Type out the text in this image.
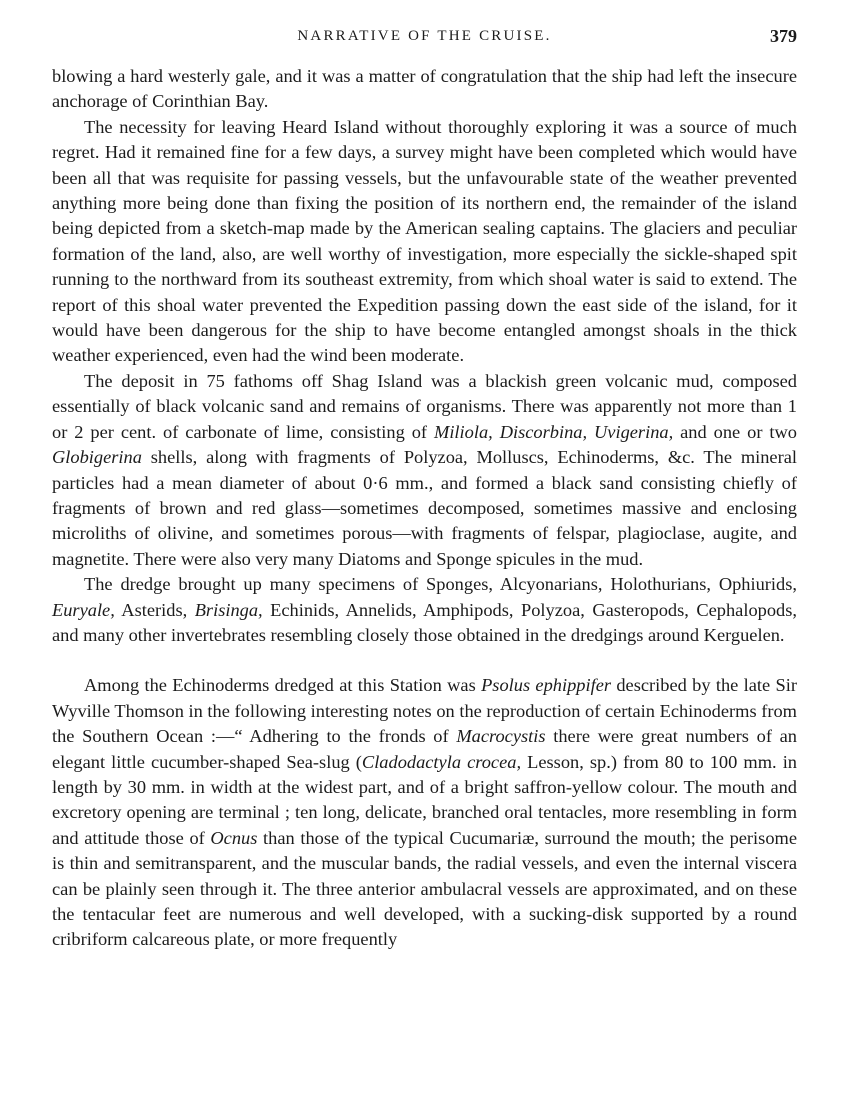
NARRATIVE OF THE CRUISE.	379

blowing a hard westerly gale, and it was a matter of congratulation that the ship had left the insecure anchorage of Corinthian Bay.

The necessity for leaving Heard Island without thoroughly exploring it was a source of much regret. Had it remained fine for a few days, a survey might have been completed which would have been all that was requisite for passing vessels, but the unfavourable state of the weather prevented anything more being done than fixing the position of its northern end, the remainder of the island being depicted from a sketch-map made by the American sealing captains. The glaciers and peculiar formation of the land, also, are well worthy of investigation, more especially the sickle-shaped spit running to the northward from its southeast extremity, from which shoal water is said to extend. The report of this shoal water prevented the Expedition passing down the east side of the island, for it would have been dangerous for the ship to have become entangled amongst shoals in the thick weather experienced, even had the wind been moderate.

The deposit in 75 fathoms off Shag Island was a blackish green volcanic mud, composed essentially of black volcanic sand and remains of organisms. There was apparently not more than 1 or 2 per cent. of carbonate of lime, consisting of Miliola, Discorbina, Uvigerina, and one or two Globigerina shells, along with fragments of Polyzoa, Molluscs, Echinoderms, &c. The mineral particles had a mean diameter of about 0·6 mm., and formed a black sand consisting chiefly of fragments of brown and red glass—sometimes decomposed, sometimes massive and enclosing microliths of olivine, and sometimes porous—with fragments of felspar, plagioclase, augite, and magnetite. There were also very many Diatoms and Sponge spicules in the mud.

The dredge brought up many specimens of Sponges, Alcyonarians, Holothurians, Ophiurids, Euryale, Asterids, Brisinga, Echinids, Annelids, Amphipods, Polyzoa, Gasteropods, Cephalopods, and many other invertebrates resembling closely those obtained in the dredgings around Kerguelen.

Among the Echinoderms dredged at this Station was Psolus ephippifer described by the late Sir Wyville Thomson in the following interesting notes on the reproduction of certain Echinoderms from the Southern Ocean :—“ Adhering to the fronds of Macrocystis there were great numbers of an elegant little cucumber-shaped Sea-slug (Cladodactyla crocea, Lesson, sp.) from 80 to 100 mm. in length by 30 mm. in width at the widest part, and of a bright saffron-yellow colour. The mouth and excretory opening are terminal ; ten long, delicate, branched oral tentacles, more resembling in form and attitude those of Ocnus than those of the typical Cucumariæ, surround the mouth; the perisome is thin and semitransparent, and the muscular bands, the radial vessels, and even the internal viscera can be plainly seen through it. The three anterior ambulacral vessels are approximated, and on these the tentacular feet are numerous and well developed, with a sucking-disk supported by a round cribriform calcareous plate, or more frequently
